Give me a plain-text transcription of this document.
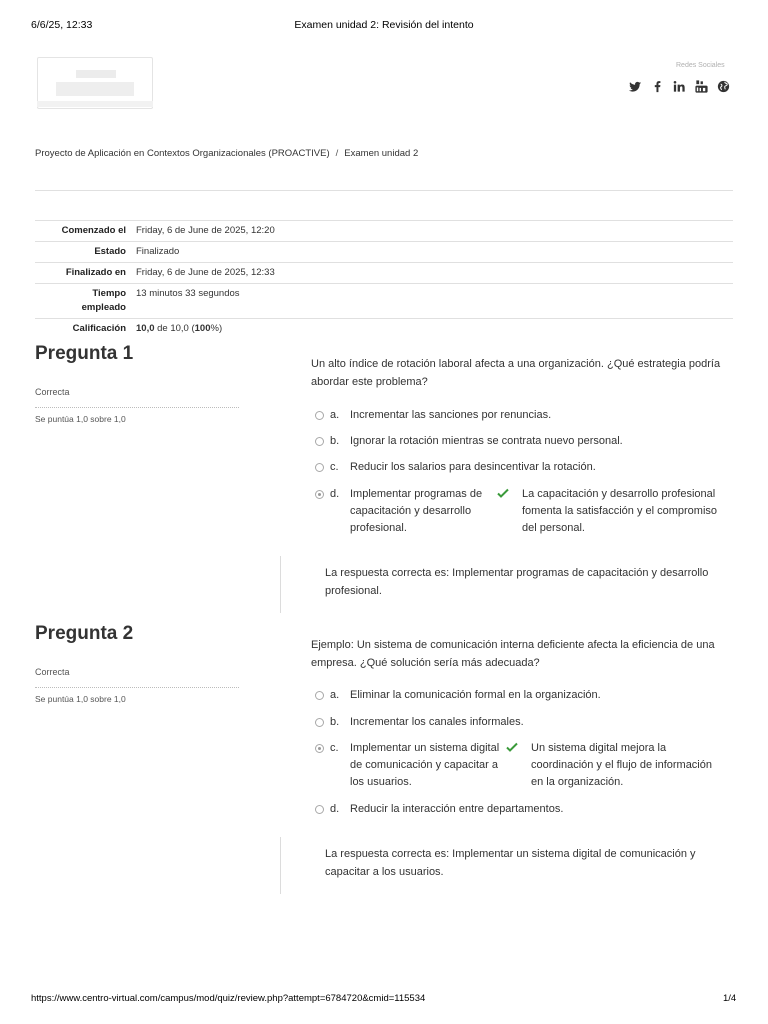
6/6/25, 12:33	Examen unidad 2: Revisión del intento
Redes Sociales
Proyecto de Aplicación en Contextos Organizacionales (PROACTIVE) / Examen unidad 2
Comenzado el	Friday, 6 de June de 2025, 12:20
Estado	Finalizado
Finalizado en	Friday, 6 de June de 2025, 12:33
Tiempo empleado	13 minutos 33 segundos
Calificación	10,0 de 10,0 (100%)
Pregunta 1
Correcta
Se puntúa 1,0 sobre 1,0
Un alto índice de rotación laboral afecta a una organización. ¿Qué estrategia podría abordar este problema?
a. Incrementar las sanciones por renuncias.
b. Ignorar la rotación mientras se contrata nuevo personal.
c. Reducir los salarios para desincentivar la rotación.
d. Implementar programas de capacitación y desarrollo profesional.
La capacitación y desarrollo profesional fomenta la satisfacción y el compromiso del personal.
La respuesta correcta es: Implementar programas de capacitación y desarrollo profesional.
Pregunta 2
Correcta
Se puntúa 1,0 sobre 1,0
Ejemplo: Un sistema de comunicación interna deficiente afecta la eficiencia de una empresa. ¿Qué solución sería más adecuada?
a. Eliminar la comunicación formal en la organización.
b. Incrementar los canales informales.
c. Implementar un sistema digital de comunicación y capacitar a los usuarios.
Un sistema digital mejora la coordinación y el flujo de información en la organización.
d. Reducir la interacción entre departamentos.
La respuesta correcta es: Implementar un sistema digital de comunicación y capacitar a los usuarios.
https://www.centro-virtual.com/campus/mod/quiz/review.php?attempt=6784720&cmid=115534	1/4
